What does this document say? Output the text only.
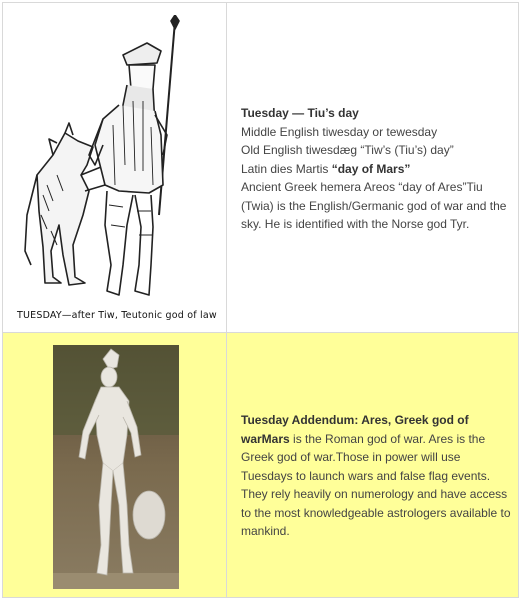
TUESDAY—after Tiw, Teutonic god of law

Tuesday — Tiu’s day

Middle English tiwesday or tewesday

Old English tiwesdæg “Tiw’s (Tiu’s) day”

Latin dies Martis “day of Mars”

Ancient Greek hemera Areos “day of Ares”Tiu (Twia) is the English/Germanic god of war and the sky. He is identified with the Norse god Tyr.

Tuesday Addendum: Ares, Greek god of warMars is the Roman god of war. Ares is the Greek god of war.Those in power will use Tuesdays to launch wars and false flag events. They rely heavily on numerology and have access to the most knowledgeable astrologers available to mankind.
